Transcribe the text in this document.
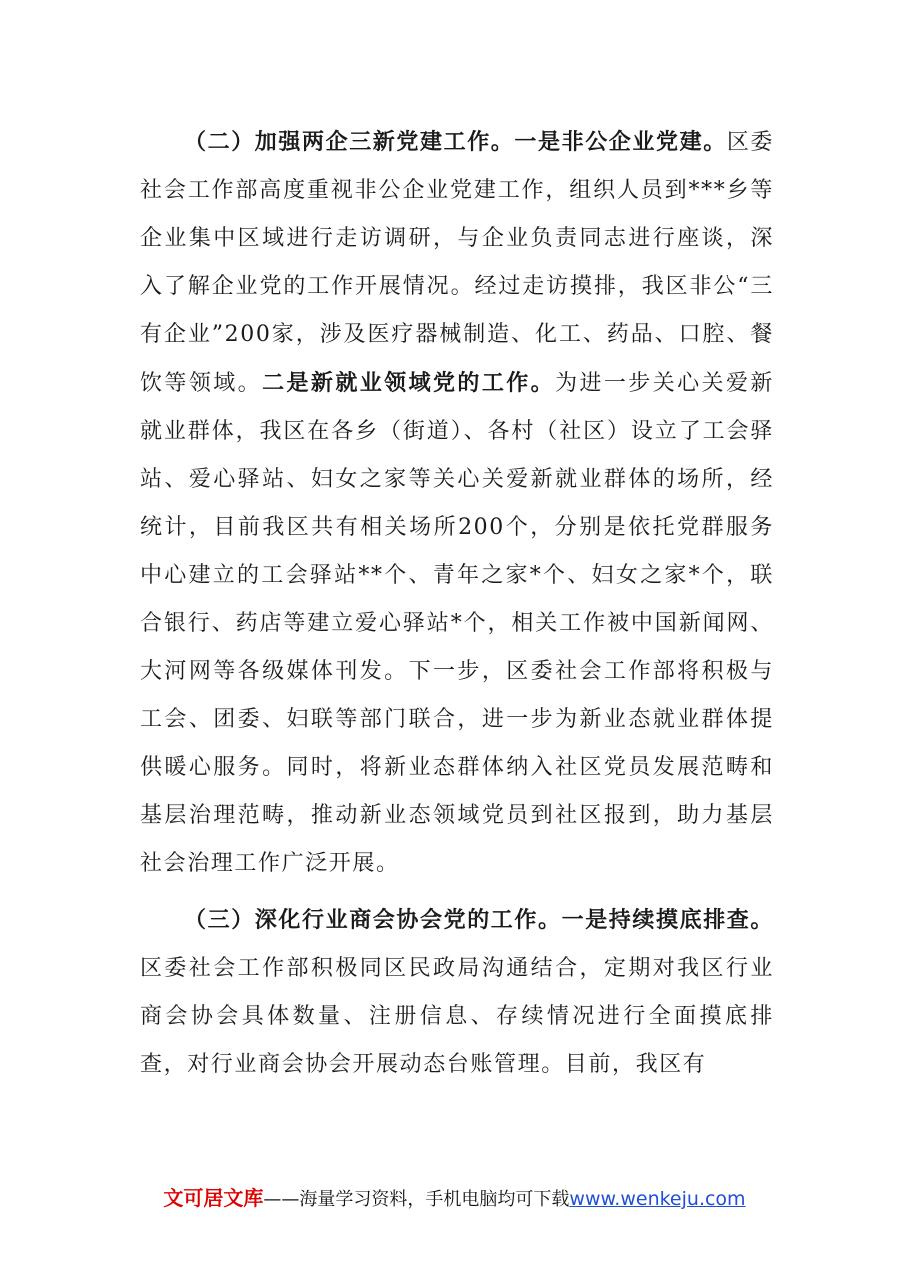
（二）加强两企三新党建工作。一是非公企业党建。区委社会工作部高度重视非公企业党建工作，组织人员到***乡等企业集中区域进行走访调研，与企业负责同志进行座谈，深入了解企业党的工作开展情况。经过走访摸排，我区非公“三有企业”200家，涉及医疗器械制造、化工、药品、口腔、餐饮等领域。二是新就业领域党的工作。为进一步关心关爱新就业群体，我区在各乡（街道）、各村（社区）设立了工会驿站、爱心驿站、妇女之家等关心关爱新就业群体的场所，经统计，目前我区共有相关场所200个，分别是依托党群服务中心建立的工会驿站**个、青年之家*个、妇女之家*个，联合银行、药店等建立爱心驿站*个，相关工作被中国新闻网、大河网等各级媒体刊发。下一步，区委社会工作部将积极与工会、团委、妇联等部门联合，进一步为新业态就业群体提供暖心服务。同时，将新业态群体纳入社区党员发展范畴和基层治理范畴，推动新业态领域党员到社区报到，助力基层社会治理工作广泛开展。

（三）深化行业商会协会党的工作。一是持续摸底排查。区委社会工作部积极同区民政局沟通结合，定期对我区行业商会协会具体数量、注册信息、存续情况进行全面摸底排查，对行业商会协会开展动态台账管理。目前，我区有

文可居文库——海量学习资料，手机电脑均可下载www.wenkeju.com
